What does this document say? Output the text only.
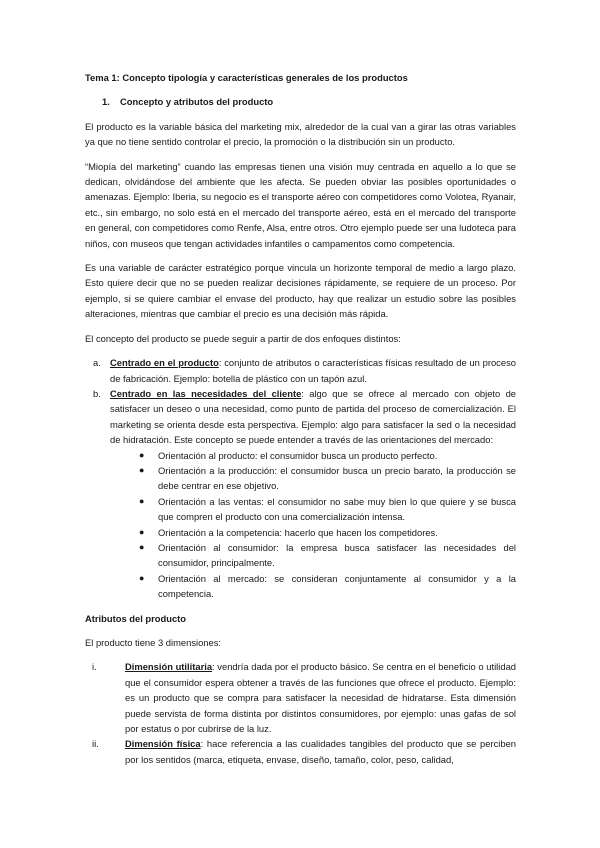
Tema 1: Concepto tipología y características generales de los productos

1. Concepto y atributos del producto

El producto es la variable básica del marketing mix, alrededor de la cual van a girar las otras variables ya que no tiene sentido controlar el precio, la promoción o la distribución sin un producto.

“Miopía del marketing” cuando las empresas tienen una visión muy centrada en aquello a lo que se dedican, olvidándose del ambiente que les afecta. Se pueden obviar las posibles oportunidades o amenazas. Ejemplo: Iberia, su negocio es el transporte aéreo con competidores como Volotea, Ryanair, etc., sin embargo, no solo está en el mercado del transporte aéreo, está en el mercado del transporte en general, con competidores como Renfe, Alsa, entre otros. Otro ejemplo puede ser una ludoteca para niños, con museos que tengan actividades infantiles o campamentos como competencia.

Es una variable de carácter estratégico porque vincula un horizonte temporal de medio a largo plazo. Esto quiere decir que no se pueden realizar decisiones rápidamente, se requiere de un proceso. Por ejemplo, si se quiere cambiar el envase del producto, hay que realizar un estudio sobre las posibles alteraciones, mientras que cambiar el precio es una decisión más rápida.

El concepto del producto se puede seguir a partir de dos enfoques distintos:

a. Centrado en el producto: conjunto de atributos o características físicas resultado de un proceso de fabricación. Ejemplo: botella de plástico con un tapón azul.
b. Centrado en las necesidades del cliente: algo que se ofrece al mercado con objeto de satisfacer un deseo o una necesidad, como punto de partida del proceso de comercialización. El marketing se orienta desde esta perspectiva. Ejemplo: algo para satisfacer la sed o la necesidad de hidratación. Este concepto se puede entender a través de las orientaciones del mercado:
● Orientación al producto: el consumidor busca un producto perfecto.
● Orientación a la producción: el consumidor busca un precio barato, la producción se debe centrar en ese objetivo.
● Orientación a las ventas: el consumidor no sabe muy bien lo que quiere y se busca que compren el producto con una comercialización intensa.
● Orientación a la competencia: hacerlo que hacen los competidores.
● Orientación al consumidor: la empresa busca satisfacer las necesidades del consumidor, principalmente.
● Orientación al mercado: se consideran conjuntamente al consumidor y a la competencia.

Atributos del producto

El producto tiene 3 dimensiones:

i.	Dimensión utilitaria: vendría dada por el producto básico. Se centra en el beneficio o utilidad que el consumidor espera obtener a través de las funciones que ofrece el producto. Ejemplo: es un producto que se compra para satisfacer la necesidad de hidratarse. Esta dimensión puede servista de forma distinta por distintos consumidores, por ejemplo: unas gafas de sol por estatus o por cubrirse de la luz.
ii.	Dimensión física: hace referencia a las cualidades tangibles del producto que se perciben por los sentidos (marca, etiqueta, envase, diseño, tamaño, color, peso, calidad,
